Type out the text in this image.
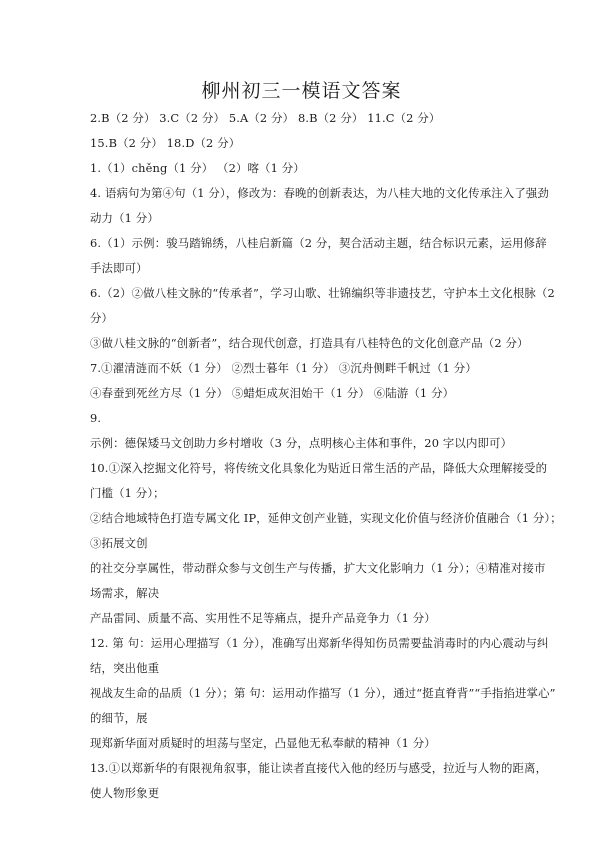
柳州初三一模语文答案
2.B（2 分） 3.C（2 分） 5.A（2 分） 8.B（2 分） 11.C（2 分）
15.B（2 分） 18.D（2 分）
1.（1）chěng（1 分） （2）喀（1 分）
4. 语病句为第④句（1 分），修改为：春晚的创新表达，为八桂大地的文化传承注入了强劲
动力（1 分）
6.（1）示例：骏马踏锦绣，八桂启新篇（2 分，契合活动主题，结合标识元素，运用修辞
手法即可）
6.（2）②做八桂文脉的“传承者”，学习山歌、壮锦编织等非遗技艺，守护本土文化根脉（2
分）
③做八桂文脉的“创新者”，结合现代创意，打造具有八桂特色的文化创意产品（2 分）
7.①濯清涟而不妖（1 分） ②烈士暮年（1 分） ③沉舟侧畔千帆过（1 分）
④春蚕到死丝方尽（1 分） ⑤蜡炬成灰泪始干（1 分） ⑥陆游（1 分）
9.
示例：德保矮马文创助力乡村增收（3 分，点明核心主体和事件，20 字以内即可）
10.①深入挖掘文化符号，将传统文化具象化为贴近日常生活的产品，降低大众理解接受的
门槛（1 分）；
②结合地域特色打造专属文化 IP，延伸文创产业链，实现文化价值与经济价值融合（1 分）；
③拓展文创
的社交分享属性，带动群众参与文创生产与传播，扩大文化影响力（1 分）；④精准对接市
场需求，解决
产品雷同、质量不高、实用性不足等痛点，提升产品竞争力（1 分）
12. 第 句：运用心理描写（1 分），准确写出郑新华得知伤员需要盐消毒时的内心震动与纠
结，突出他重
视战友生命的品质（1 分）；第 句：运用动作描写（1 分），通过“挺直脊背”“手指掐进掌心”
的细节，展
现郑新华面对质疑时的坦荡与坚定，凸显他无私奉献的精神（1 分）
13.①以郑新华的有限视角叙事，能让读者直接代入他的经历与感受，拉近与人物的距离，
使人物形象更
